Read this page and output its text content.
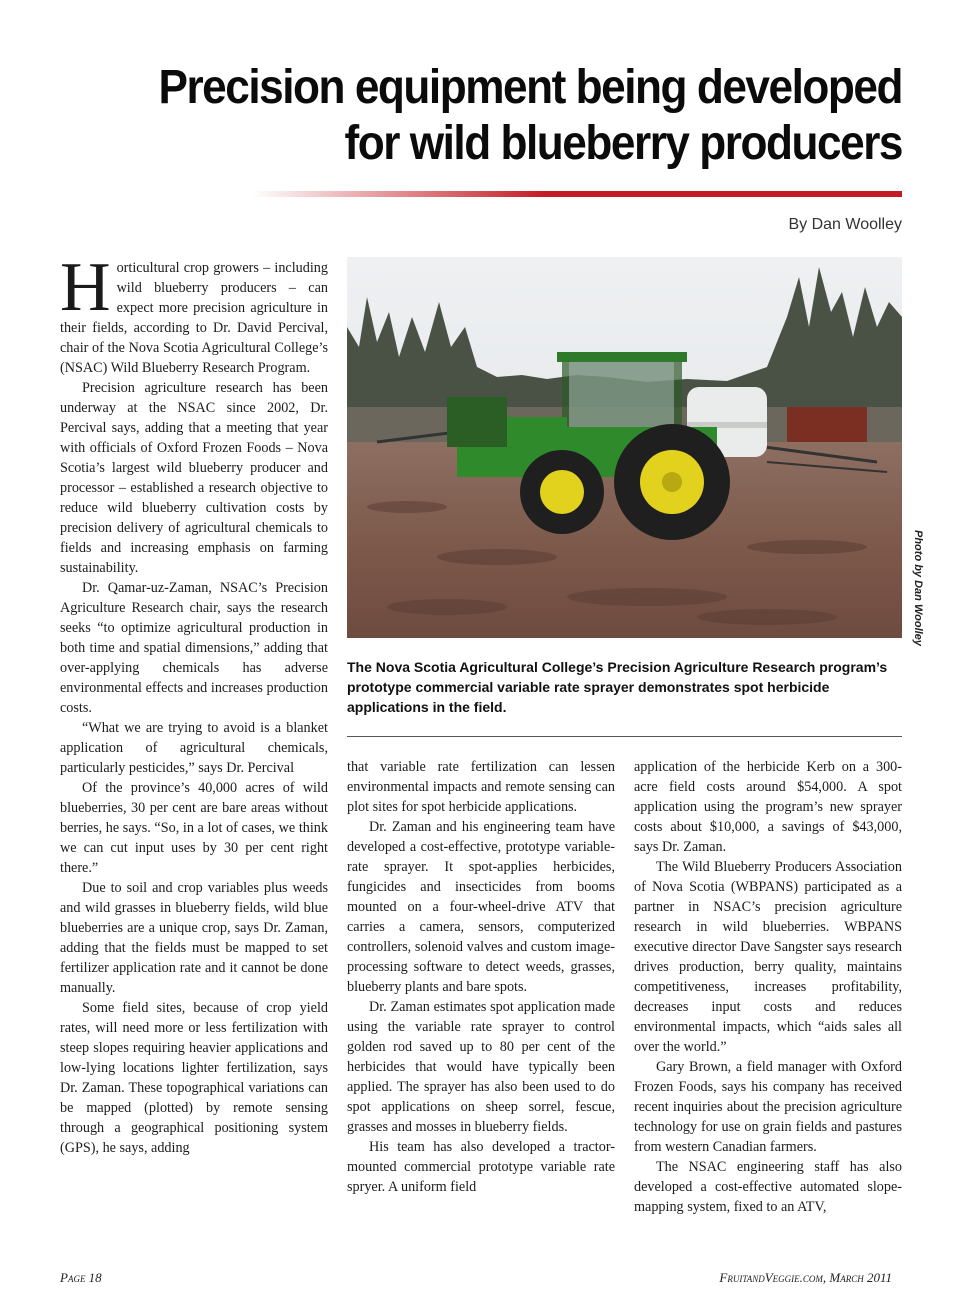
Precision equipment being developed
for wild blueberry producers
By Dan Woolley

Horticultural crop growers – including wild blueberry producers – can expect more precision agriculture in their fields, according to Dr. David Percival, chair of the Nova Scotia Agricultural College’s (NSAC) Wild Blueberry Research Program.

Precision agriculture research has been underway at the NSAC since 2002, Dr. Percival says, adding that a meeting that year with officials of Oxford Frozen Foods – Nova Scotia’s largest wild blueberry producer and processor – established a research objective to reduce wild blueberry cultivation costs by precision delivery of agricultural chemicals to fields and increasing emphasis on farming sustainability.

Dr. Qamar-uz-Zaman, NSAC’s Precision Agriculture Research chair, says the research seeks “to optimize agricultural production in both time and spatial dimensions,” adding that over-applying chemicals has adverse environmental effects and increases production costs.

“What we are trying to avoid is a blanket application of agricultural chemicals, particularly pesticides,” says Dr. Percival

Of the province’s 40,000 acres of wild blueberries, 30 per cent are bare areas without berries, he says. “So, in a lot of cases, we think we can cut input uses by 30 per cent right there.”

Due to soil and crop variables plus weeds and wild grasses in blueberry fields, wild blue blueberries are a unique crop, says Dr. Zaman, adding that the fields must be mapped to set fertilizer application rate and it cannot be done manually.

Some field sites, because of crop yield rates, will need more or less fertilization with steep slopes requiring heavier applications and low-lying locations lighter fertilization, says Dr. Zaman. These topographical variations can be mapped (plotted) by remote sensing through a geographical positioning system (GPS), he says, adding

Photo by Dan Woolley
The Nova Scotia Agricultural College’s Precision Agriculture Research program’s prototype commercial variable rate sprayer demonstrates spot herbicide applications in the field.

that variable rate fertilization can lessen environmental impacts and remote sensing can plot sites for spot herbicide applications.

Dr. Zaman and his engineering team have developed a cost-effective, prototype variable-rate sprayer. It spot-applies herbicides, fungicides and insecticides from booms mounted on a four-wheel-drive ATV that carries a camera, sensors, computerized controllers, solenoid valves and custom image-processing software to detect weeds, grasses, blueberry plants and bare spots.

Dr. Zaman estimates spot application made using the variable rate sprayer to control golden rod saved up to 80 per cent of the herbicides that would have typically been applied. The sprayer has also been used to do spot applications on sheep sorrel, fescue, grasses and mosses in blueberry fields.

His team has also developed a tractor-mounted commercial prototype variable rate spryer. A uniform field

application of the herbicide Kerb on a 300-acre field costs around $54,000. A spot application using the program’s new sprayer costs about $10,000, a savings of $43,000, says Dr. Zaman.

The Wild Blueberry Producers Association of Nova Scotia (WBPANS) participated as a partner in NSAC’s precision agriculture research in wild blueberries. WBPANS executive director Dave Sangster says research drives production, berry quality, maintains competitiveness, increases profitability, decreases input costs and reduces environmental impacts, which “aids sales all over the world.”

Gary Brown, a field manager with Oxford Frozen Foods, says his company has received recent inquiries about the precision agriculture technology for use on grain fields and pastures from western Canadian farmers.

The NSAC engineering staff has also developed a cost-effective automated slope-mapping system, fixed to an ATV,

Page 18	FruitandVeggie.com, March 2011
